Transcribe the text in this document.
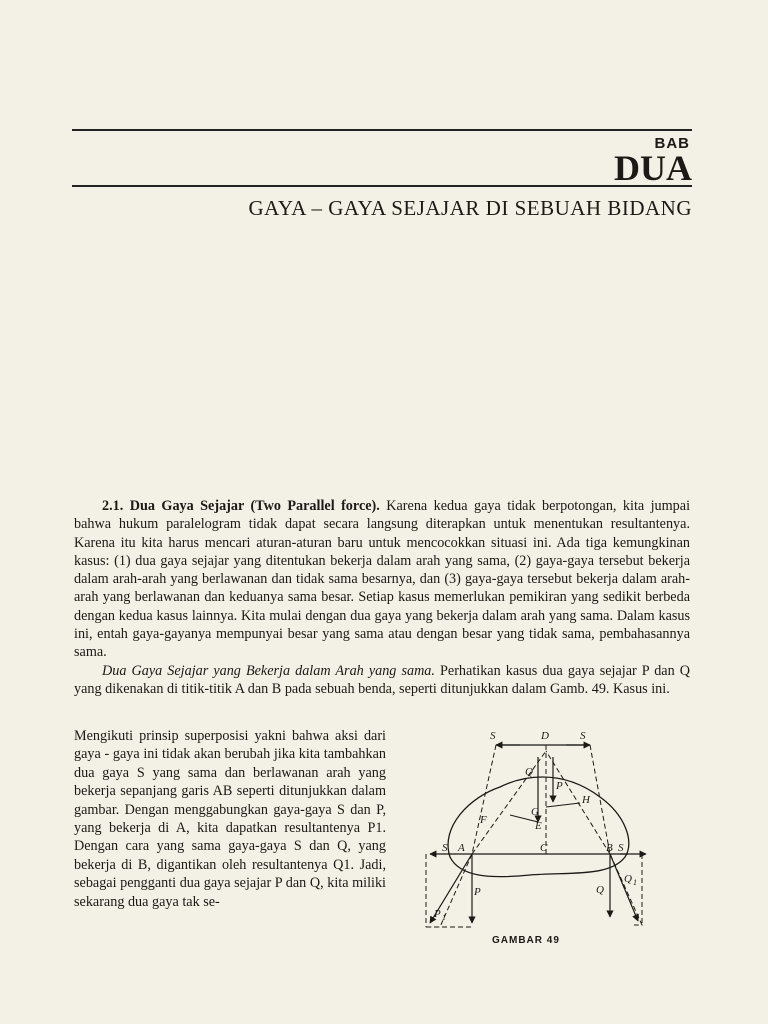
BAB
DUA
GAYA – GAYA SEJAJAR DI SEBUAH BIDANG

2.1. Dua Gaya Sejajar (Two Parallel force). Karena kedua gaya tidak berpotongan, kita jumpai bahwa hukum paralelogram tidak dapat secara langsung diterapkan untuk menentukan resultantenya. Karena itu kita harus mencari aturan-aturan baru untuk mencocokkan situasi ini. Ada tiga kemungkinan kasus: (1) dua gaya sejajar yang ditentukan bekerja dalam arah yang sama, (2) gaya-gaya tersebut bekerja dalam arah-arah yang berlawanan dan tidak sama besarnya, dan (3) gaya-gaya tersebut bekerja dalam arah-arah yang berlawanan dan keduanya sama besar. Setiap kasus memerlukan pemikiran yang sedikit berbeda dengan kedua kasus lainnya. Kita mulai dengan dua gaya yang bekerja dalam arah yang sama. Dalam kasus ini, entah gaya-gayanya mempunyai besar yang sama atau dengan besar yang tidak sama, pembahasannya sama.

Dua Gaya Sejajar yang Bekerja dalam Arah yang sama. Perhatikan kasus dua gaya sejajar P dan Q yang dikenakan di titik-titik A dan B pada sebuah benda, seperti ditunjukkan dalam Gamb. 49. Kasus ini.

Mengikuti prinsip superposisi yakni bahwa aksi dari gaya - gaya ini tidak akan berubah jika kita tambahkan dua gaya S yang sama dan berlawanan arah yang bekerja sepanjang garis AB seperti ditunjukkan dalam gambar. Dengan menggabungkan gaya-gaya S dan P, yang bekerja di A, kita dapatkan resultantenya P1. Dengan cara yang sama gaya-gaya S dan Q, yang bekerja di B, digantikan oleh resultantenya Q1. Jadi, sebagai pengganti dua gaya sejajar P dan Q, kita miliki sekarang dua gaya tak se-

S	D	S
Q
P
H
G
F	E
S A	C	B S
P
P 1
Q
Q 1
GAMBAR 49
